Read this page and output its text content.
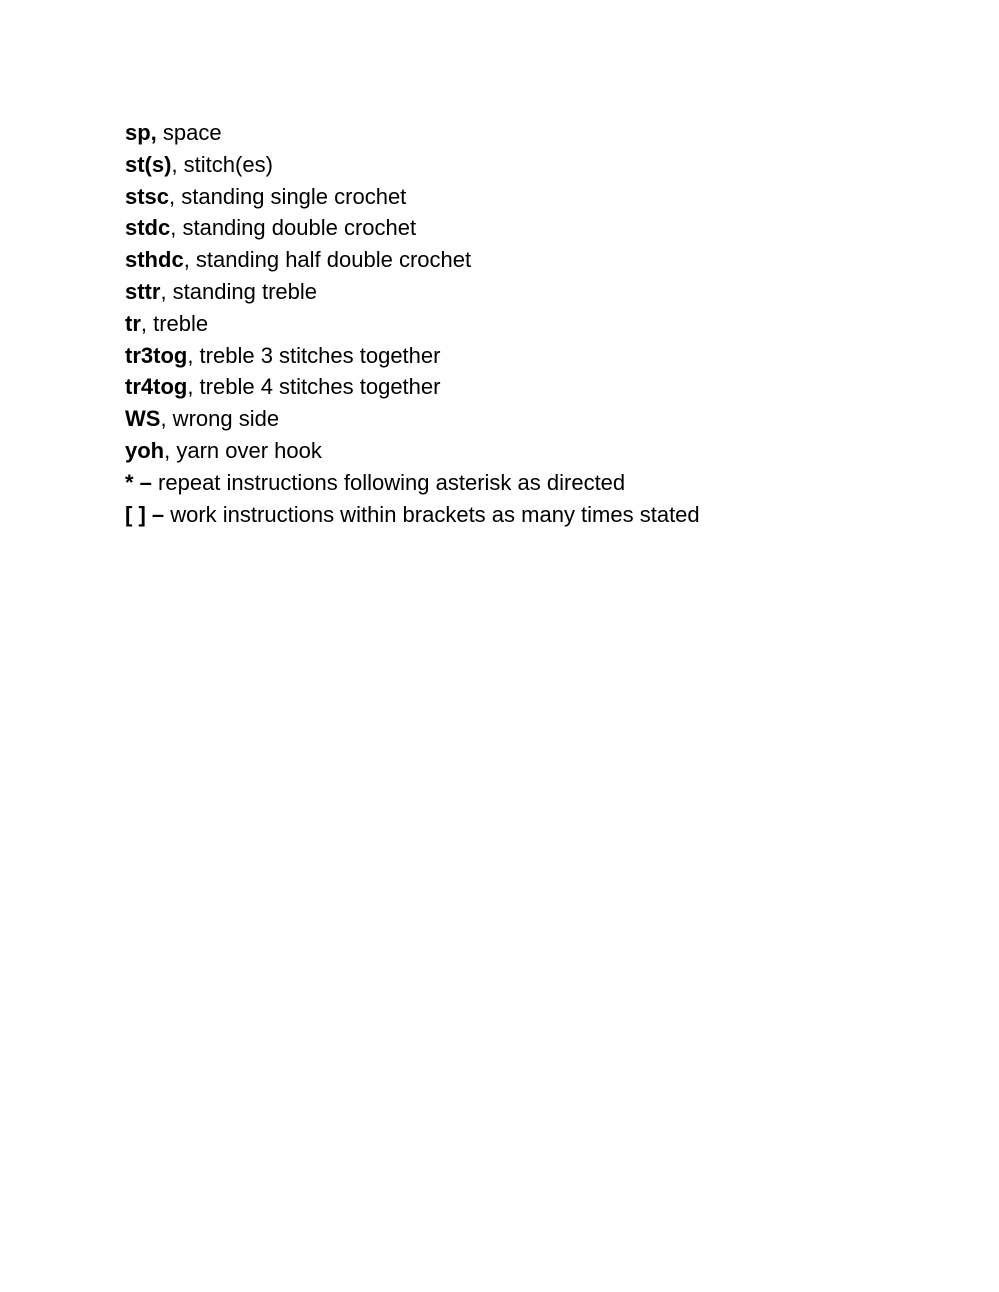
sp, space
st(s), stitch(es)
stsc, standing single crochet
stdc, standing double crochet
sthdc, standing half double crochet
sttr, standing treble
tr, treble
tr3tog, treble 3 stitches together
tr4tog, treble 4 stitches together
WS, wrong side
yoh, yarn over hook
* – repeat instructions following asterisk as directed
[ ] – work instructions within brackets as many times stated
